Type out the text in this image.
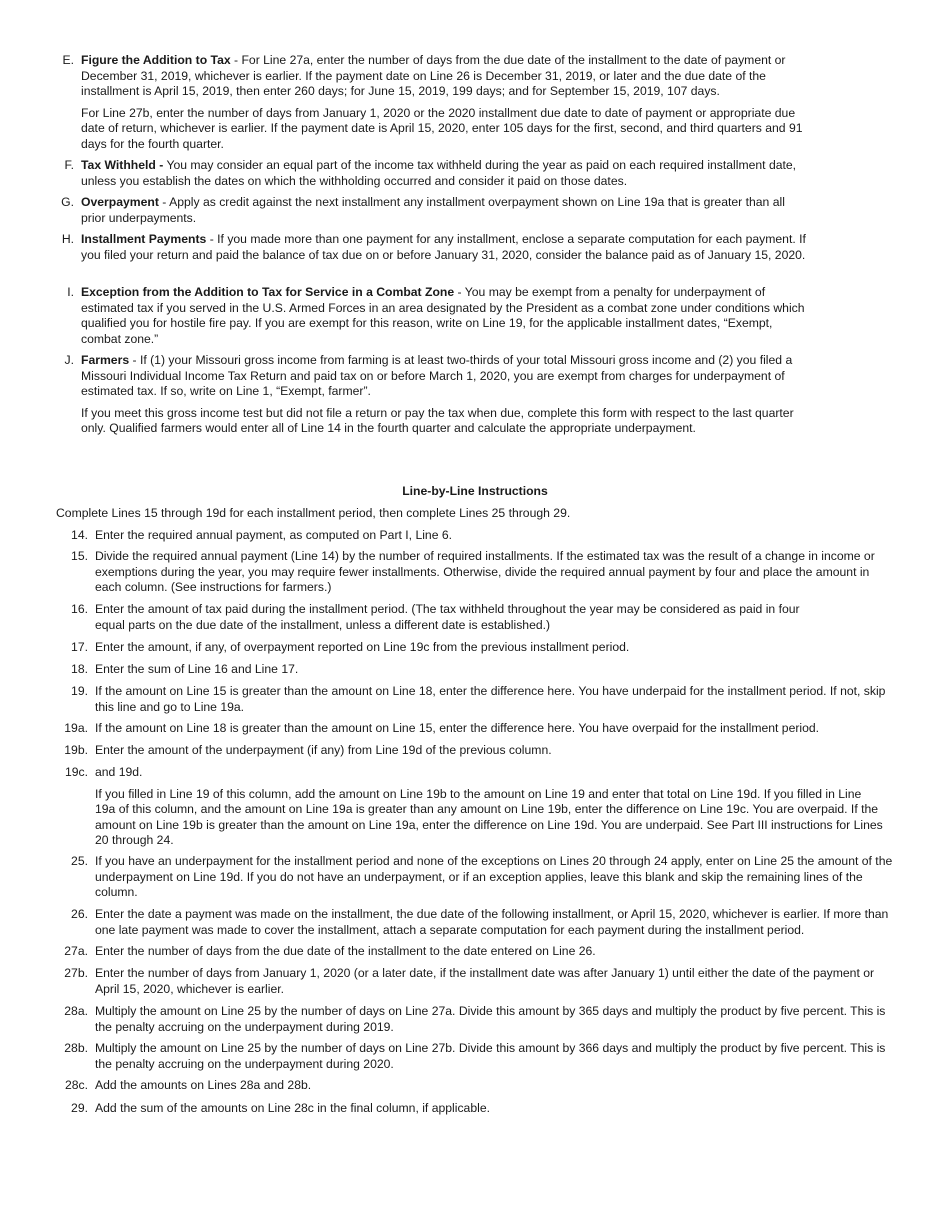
E. Figure the Addition to Tax - For Line 27a, enter the number of days from the due date of the installment to the date of payment or December 31, 2019, whichever is earlier. If the payment date on Line 26 is December 31, 2019, or later and the due date of the installment is April 15, 2019, then enter 260 days; for June 15, 2019, 199 days; and for September 15, 2019, 107 days.

For Line 27b, enter the number of days from January 1, 2020 or the 2020 installment due date to date of payment or appropriate due date of return, whichever is earlier. If the payment date is April 15, 2020, enter 105 days for the first, second, and third quarters and 91 days for the fourth quarter.

F. Tax Withheld - You may consider an equal part of the income tax withheld during the year as paid on each required installment date, unless you establish the dates on which the withholding occurred and consider it paid on those dates.

G. Overpayment - Apply as credit against the next installment any installment overpayment shown on Line 19a that is greater than all prior underpayments.

H. Installment Payments - If you made more than one payment for any installment, enclose a separate computation for each payment. If you filed your return and paid the balance of tax due on or before January 31, 2020, consider the balance paid as of January 15, 2020.

I. Exception from the Addition to Tax for Service in a Combat Zone - You may be exempt from a penalty for underpayment of estimated tax if you served in the U.S. Armed Forces in an area designated by the President as a combat zone under conditions which qualified you for hostile fire pay. If you are exempt for this reason, write on Line 19, for the applicable installment dates, “Exempt, combat zone.”

J. Farmers - If (1) your Missouri gross income from farming is at least two-thirds of your total Missouri gross income and (2) you filed a Missouri Individual Income Tax Return and paid tax on or before March 1, 2020, you are exempt from charges for underpayment of estimated tax. If so, write on Line 1, “Exempt, farmer”.

If you meet this gross income test but did not file a return or pay the tax when due, complete this form with respect to the last quarter only. Qualified farmers would enter all of Line 14 in the fourth quarter and calculate the appropriate underpayment.

Line-by-Line Instructions
Complete Lines 15 through 19d for each installment period, then complete Lines 25 through 29.
14. Enter the required annual payment, as computed on Part I, Line 6.

15. Divide the required annual payment (Line 14) by the number of required installments. If the estimated tax was the result of a change in income or exemptions during the year, you may require fewer installments. Otherwise, divide the required annual payment by four and place the amount in each column. (See instructions for farmers.)

16. Enter the amount of tax paid during the installment period. (The tax withheld throughout the year may be considered as paid in four equal parts on the due date of the installment, unless a different date is established.)

17. Enter the amount, if any, of overpayment reported on Line 19c from the previous installment period.

18. Enter the sum of Line 16 and Line 17.

19. If the amount on Line 15 is greater than the amount on Line 18, enter the difference here. You have underpaid for the installment period. If not, skip this line and go to Line 19a.

19a. If the amount on Line 18 is greater than the amount on Line 15, enter the difference here. You have overpaid for the installment period.

19b. Enter the amount of the underpayment (if any) from Line 19d of the previous column.

19c. and 19d.

If you filled in Line 19 of this column, add the amount on Line 19b to the amount on Line 19 and enter that total on Line 19d. If you filled in Line 19a of this column, and the amount on Line 19a is greater than any amount on Line 19b, enter the difference on Line 19c. You are overpaid. If the amount on Line 19b is greater than the amount on Line 19a, enter the difference on Line 19d. You are underpaid. See Part III instructions for Lines 20 through 24.

25. If you have an underpayment for the installment period and none of the exceptions on Lines 20 through 24 apply, enter on Line 25 the amount of the underpayment on Line 19d. If you do not have an underpayment, or if an exception applies, leave this blank and skip the remaining lines of the column.

26. Enter the date a payment was made on the installment, the due date of the following installment, or April 15, 2020, whichever is earlier. If more than one late payment was made to cover the installment, attach a separate computation for each payment during the installment period.

27a. Enter the number of days from the due date of the installment to the date entered on Line 26.

27b. Enter the number of days from January 1, 2020 (or a later date, if the installment date was after January 1) until either the date of the payment or April 15, 2020, whichever is earlier.

28a. Multiply the amount on Line 25 by the number of days on Line 27a. Divide this amount by 365 days and multiply the product by five percent. This is the penalty accruing on the underpayment during 2019.

28b. Multiply the amount on Line 25 by the number of days on Line 27b. Divide this amount by 366 days and multiply the product by five percent. This is the penalty accruing on the underpayment during 2020.

28c. Add the amounts on Lines 28a and 28b.

29. Add the sum of the amounts on Line 28c in the final column, if applicable.
